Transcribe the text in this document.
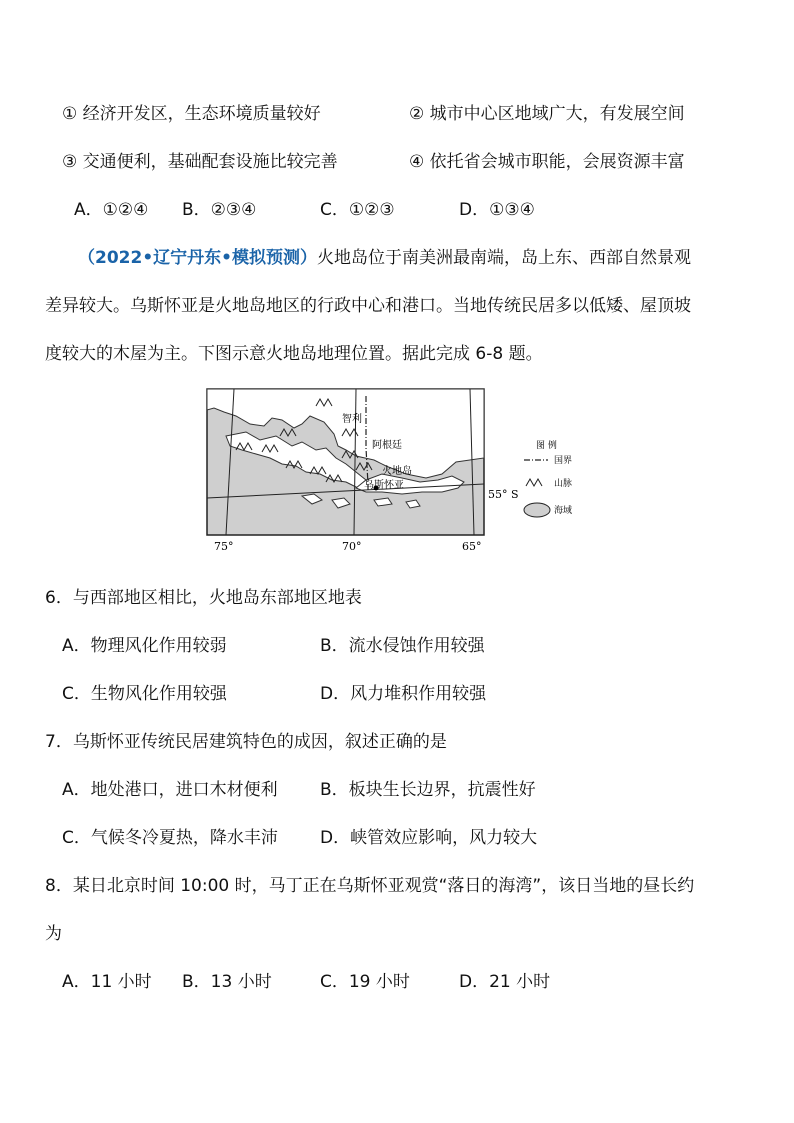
① 经济开发区，生态环境质量较好	② 城市中心区地域广大，有发展空间
③ 交通便利，基础配套设施比较完善	④ 依托省会城市职能，会展资源丰富
A．①②④ B．②③④	C．①②③	D．①③④
（2022•辽宁丹东•模拟预测）火地岛位于南美洲最南端，岛上东、西部自然景观
差异较大。乌斯怀亚是火地岛地区的行政中心和港口。当地传统民居多以低矮、屋顶坡
度较大的木屋为主。下图示意火地岛地理位置。据此完成 6-8 题。
智利
阿根廷
火地岛
乌斯怀亚
55° S
75°	70°	65°
图 例
国界
山脉
海域
6．与西部地区相比，火地岛东部地区地表
A．物理风化作用较弱	B．流水侵蚀作用较强
C．生物风化作用较强	D．风力堆积作用较强
7．乌斯怀亚传统民居建筑特色的成因，叙述正确的是
A．地处港口，进口木材便利 B．板块生长边界，抗震性好
C．气候冬冷夏热，降水丰沛 D．峡管效应影响，风力较大
8．某日北京时间 10:00 时，马丁正在乌斯怀亚观赏“落日的海湾”，该日当地的昼长约
为
A．11 小时 B．13 小时	C．19 小时	D．21 小时
